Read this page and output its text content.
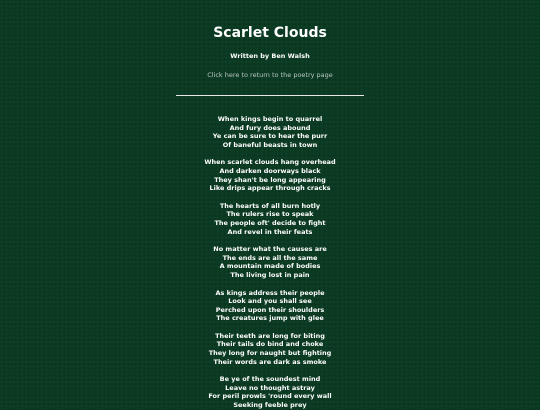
Scarlet Clouds
Written by Ben Walsh
Click here to return to the poetry page
When kings begin to quarrel
And fury does abound
Ye can be sure to hear the purr
Of baneful beasts in town
When scarlet clouds hang overhead
And darken doorways black
They shan't be long appearing
Like drips appear through cracks
The hearts of all burn hotly
The rulers rise to speak
The people oft' decide to fight
And revel in their feats
No matter what the causes are
The ends are all the same
A mountain made of bodies
The living lost in pain
As kings address their people
Look and you shall see
Perched upon their shoulders
The creatures jump with glee
Their teeth are long for biting
Their tails do bind and choke
They long for naught but fighting
Their words are dark as smoke
Be ye of the soundest mind
Leave no thought astray
For peril prowls 'round every wall
Seeking feeble prey
